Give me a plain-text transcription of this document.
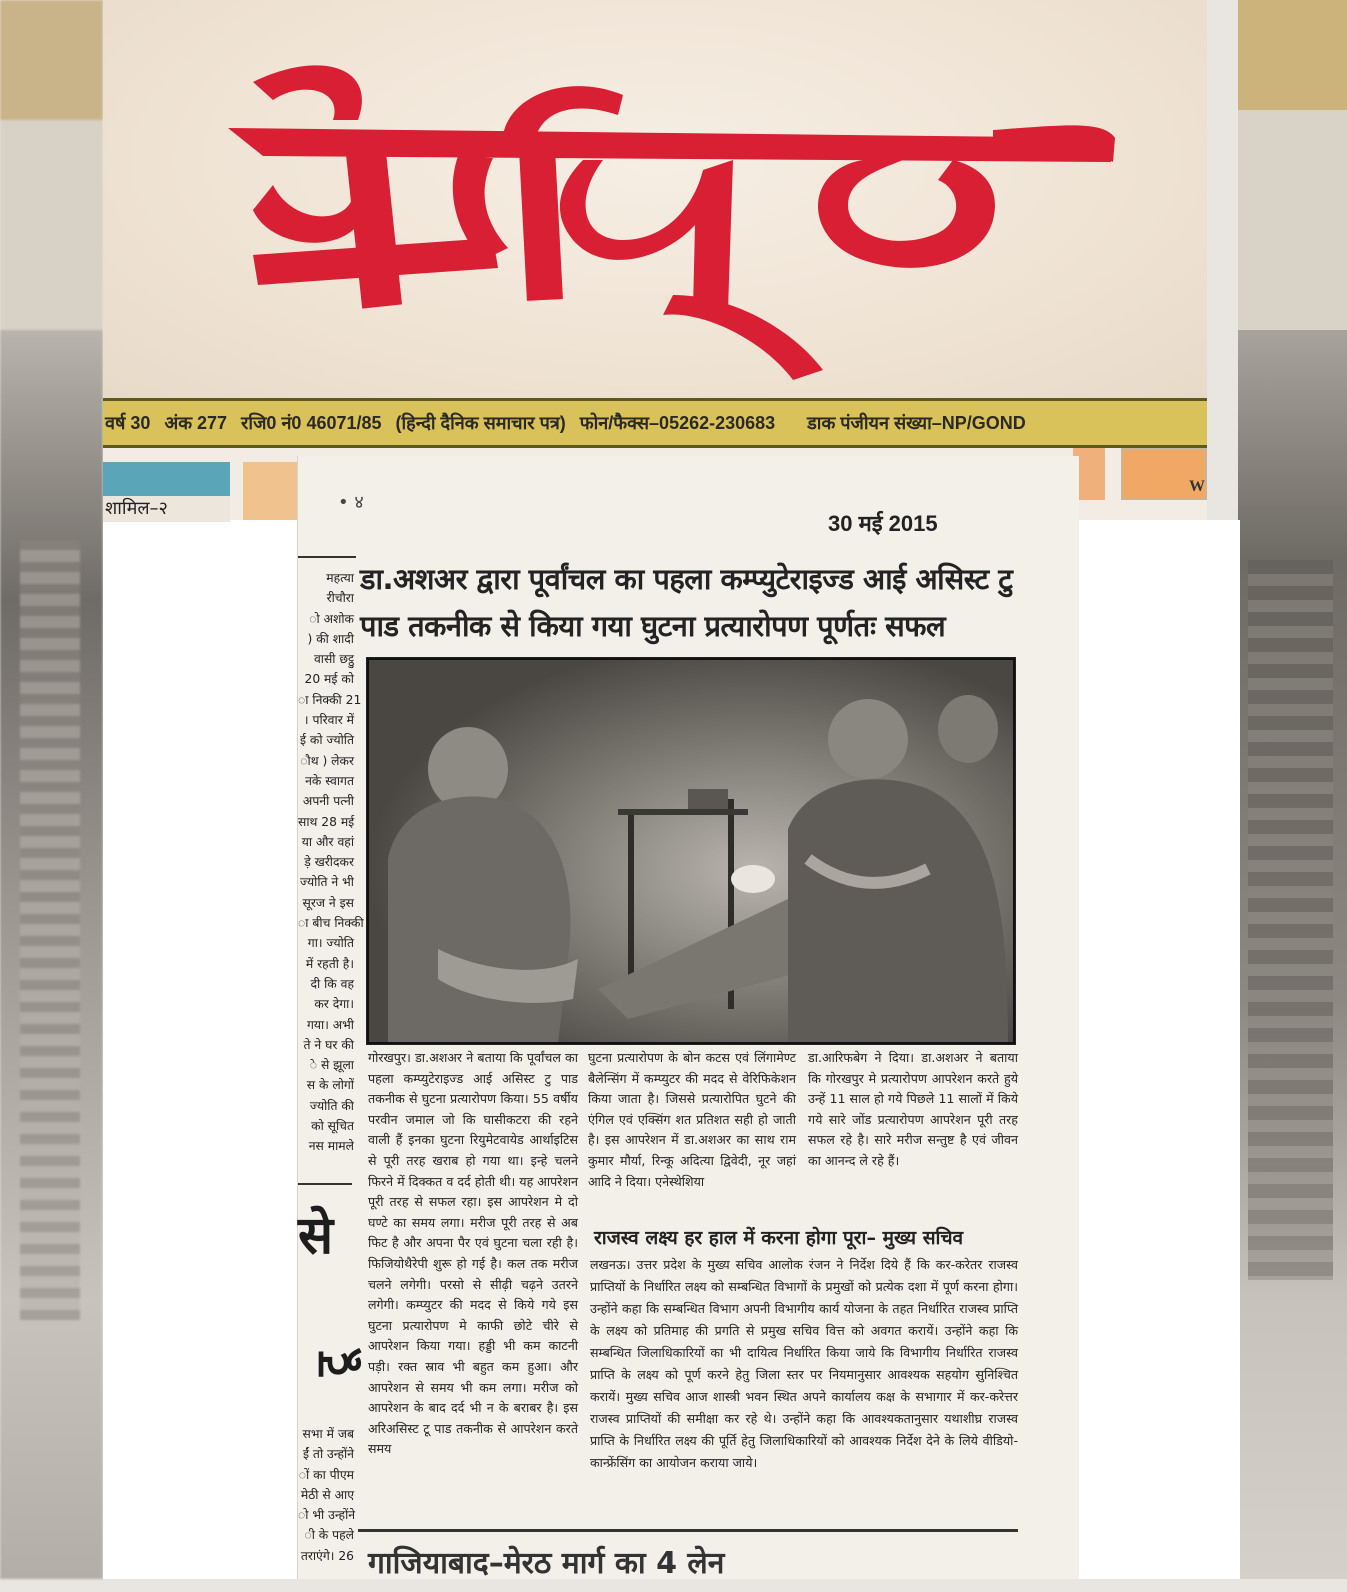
वर्ष 30 अंक 277 रजि0 नं0 46071/85 (हिन्दी दैनिक समाचार पत्र) फोन/फैक्स–05262-230683 डाक पंजीयन संख्या–NP/GOND
शामिल–२
W
• ४
30 मई 2015
महत्या
रीचौरा
ो अशोक
) की शादी
वासी छट्ठु
20 मई को
ा निक्की 21
। परिवार में
ई को ज्योति
ौथ ) लेकर
नके स्वागत
अपनी पत्नी
साथ 28 मई
या और वहां
ड़े खरीदकर
ज्योति ने भी
सूरज ने इस
ा बीच निक्की
गा। ज्योति
में रहती है।
दी कि वह
कर देगा।
गया। अभी
ते ने घर की
े से झूला
स के लोगों
ज्योति की
को सूचित
नस मामले
से
टू
सभा में जब
ईं तो उन्होंने
ों का पीएम
मेठी से आए
ो भी उन्होंने
ी के पहले
तराएंगे। 26
डा.अशअर द्वारा पूर्वांचल का पहला कम्प्युटेराइज्ड आई असिस्ट टु पाड तकनीक से किया गया घुटना प्रत्यारोपण पूर्णतः सफल
गोरखपुर। डा.अशअर ने बताया कि पूर्वांचल का पहला कम्प्युटेराइज्ड आई असिस्ट टु पाड तकनीक से घुटना प्रत्यारोपण किया। 55 वर्षीय परवीन जमाल जो कि घासीकटरा की रहने वाली हैं इनका घुटना रियुमेटवायेड आर्थाइटिस से पूरी तरह खराब हो गया था। इन्हे चलने फिरने में दिक्कत व दर्द होती थी। यह आपरेशन पूरी तरह से सफल रहा। इस आपरेशन मे दो घण्टे का समय लगा। मरीज पूरी तरह से अब फिट है और अपना पैर एवं घुटना चला रही है। फिजियोथैरेपी शुरू हो गई है। कल तक मरीज चलने लगेगी। परसो से सीढ़ी चढ़ने उतरने लगेगी। कम्प्युटर की मदद से किये गये इस घुटना प्रत्यारोपण मे काफी छोटे चीरे से आपरेशन किया गया। हड्डी भी कम काटनी पड़ी। रक्त स्राव भी बहुत कम हुआ। और आपरेशन से समय भी कम लगा। मरीज को आपरेशन के बाद दर्द भी न के बराबर है। इस अरिअसिस्ट टू पाड तकनीक से आपरेशन करते समय
घुटना प्रत्यारोपण के बोन कटस एवं लिंगामेण्ट बैलेन्सिंग में कम्प्युटर की मदद से वेरिफिकेशन किया जाता है। जिससे प्रत्यारोपित घुटने की एंगिल एवं एक्सिंग शत प्रतिशत सही हो जाती है। इस आपरेशन में डा.अशअर का साथ राम कुमार मौर्या, रिन्कू अदित्या द्विवेदी, नूर जहां आदि ने दिया। एनेस्थेशिया
डा.आरिफबेग ने दिया। डा.अशअर ने बताया कि गोरखपुर मे प्रत्यारोपण आपरेशन करते हुये उन्हें 11 साल हो गये पिछले 11 सालों में किये गये सारे जोंड प्रत्यारोपण आपरेशन पूरी तरह सफल रहे है। सारे मरीज सन्तुष्ट है एवं जीवन का आनन्द ले रहे हैं।
राजस्व लक्ष्य हर हाल में करना होगा पूरा– मुख्य सचिव
लखनऊ। उत्तर प्रदेश के मुख्य सचिव आलोक रंजन ने निर्देश दिये हैं कि कर-करेतर राजस्व प्राप्तियों के निर्धारित लक्ष्य को सम्बन्धित विभागों के प्रमुखों को प्रत्येक दशा में पूर्ण करना होगा। उन्होंने कहा कि सम्बन्धित विभाग अपनी विभागीय कार्य योजना के तहत निर्धारित राजस्व प्राप्ति के लक्ष्य को प्रतिमाह की प्रगति से प्रमुख सचिव वित्त को अवगत करायें। उन्होंने कहा कि सम्बन्धित जिलाधिकारियों का भी दायित्व निर्धारित किया जाये कि विभागीय निर्धारित राजस्व प्राप्ति के लक्ष्य को पूर्ण करने हेतु जिला स्तर पर नियमानुसार आवश्यक सहयोग सुनिश्चित करायें। मुख्य सचिव आज शास्त्री भवन स्थित अपने कार्यालय कक्ष के सभागार में कर-करेत्तर राजस्व प्राप्तियों की समीक्षा कर रहे थे। उन्होंने कहा कि आवश्यकतानुसार यथाशीघ्र राजस्व प्राप्ति के निर्धारित लक्ष्य की पूर्ति हेतु जिलाधिकारियों को आवश्यक निर्देश देने के लिये वीडियो-कान्फ्रेंसिंग का आयोजन कराया जाये।
गाजियाबाद–मेरठ मार्ग का 4 लेन
